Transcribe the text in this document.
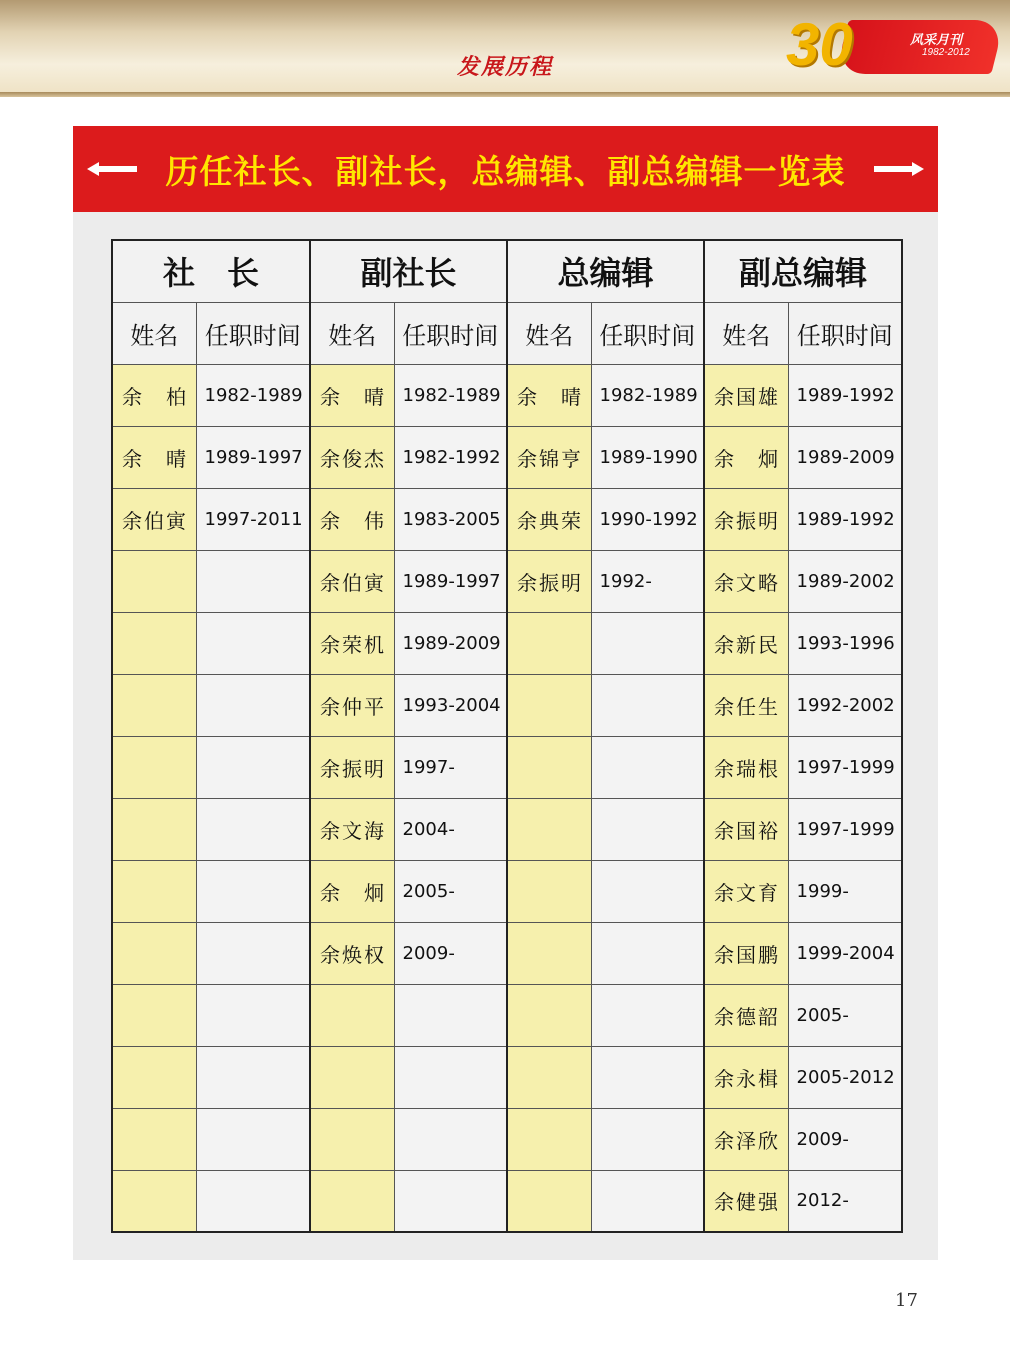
发展历程	30	风采月刊
1982-2012
历任社长、副社长，总编辑、副总编辑一览表
社　长		副社长		总编辑		副总编辑	
姓名	任职时间	姓名	任职时间	姓名	任职时间	姓名	任职时间
余　柏	1982-1989	余　晴	1982-1989	余　晴	1982-1989	余国雄	1989-1992
余　晴	1989-1997	余俊杰	1982-1992	余锦亨	1989-1990	余　炯	1989-2009
余伯寅	1997-2011	余　伟	1983-2005	余典荣	1990-1992	余振明	1989-1992
		余伯寅	1989-1997	余振明	1992-	余文略	1989-2002
		余荣机	1989-2009			余新民	1993-1996
		余仲平	1993-2004			余任生	1992-2002
		余振明	1997-			余瑞根	1997-1999
		余文海	2004-			余国裕	1997-1999
		余　炯	2005-			余文育	1999-
		余焕权	2009-			余国鹏	1999-2004
						余德韶	2005-
						余永楫	2005-2012
						余泽欣	2009-
						余健强	2012-
17
